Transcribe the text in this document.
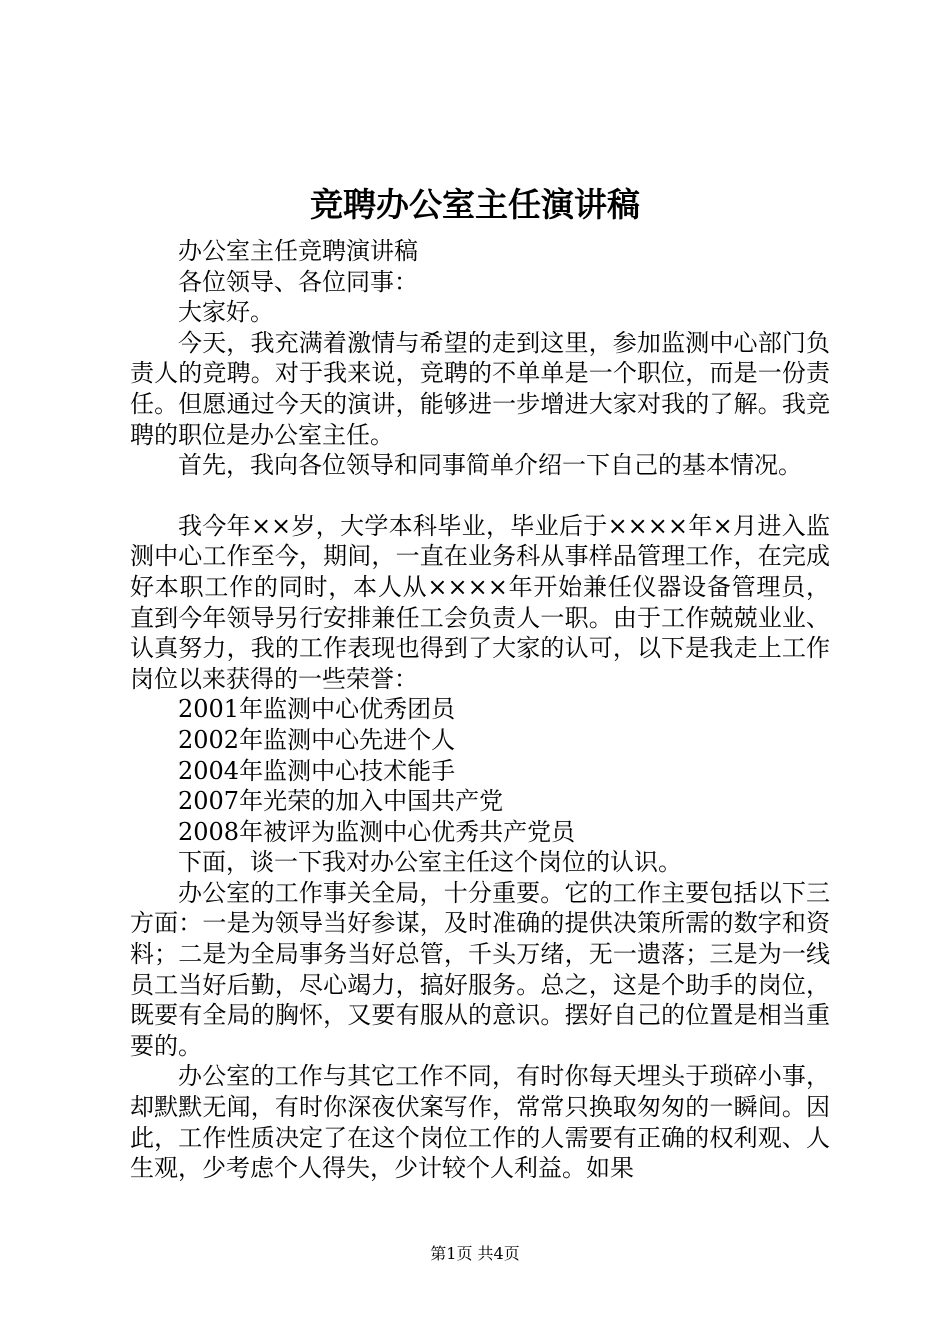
竞聘办公室主任演讲稿

办公室主任竞聘演讲稿

各位领导、各位同事：

大家好。

今天，我充满着激情与希望的走到这里，参加监测中心部门负责人的竞聘。对于我来说，竞聘的不单单是一个职位，而是一份责任。但愿通过今天的演讲，能够进一步增进大家对我的了解。我竞聘的职位是办公室主任。

首先，我向各位领导和同事简单介绍一下自己的基本情况。

我今年××岁，大学本科毕业，毕业后于××××年×月进入监测中心工作至今，期间，一直在业务科从事样品管理工作，在完成好本职工作的同时，本人从××××年开始兼任仪器设备管理员，直到今年领导另行安排兼任工会负责人一职。由于工作兢兢业业、认真努力，我的工作表现也得到了大家的认可，以下是我走上工作岗位以来获得的一些荣誉：

2001年监测中心优秀团员

2002年监测中心先进个人

2004年监测中心技术能手

2007年光荣的加入中国共产党

2008年被评为监测中心优秀共产党员

下面，谈一下我对办公室主任这个岗位的认识。

办公室的工作事关全局，十分重要。它的工作主要包括以下三方面：一是为领导当好参谋，及时准确的提供决策所需的数字和资料；二是为全局事务当好总管，千头万绪，无一遗落；三是为一线员工当好后勤，尽心竭力，搞好服务。总之，这是个助手的岗位，既要有全局的胸怀，又要有服从的意识。摆好自己的位置是相当重要的。

办公室的工作与其它工作不同，有时你每天埋头于琐碎小事，却默默无闻，有时你深夜伏案写作，常常只换取匆匆的一瞬间。因此，工作性质决定了在这个岗位工作的人需要有正确的权利观、人生观，少考虑个人得失，少计较个人利益。如果

第1页 共4页
